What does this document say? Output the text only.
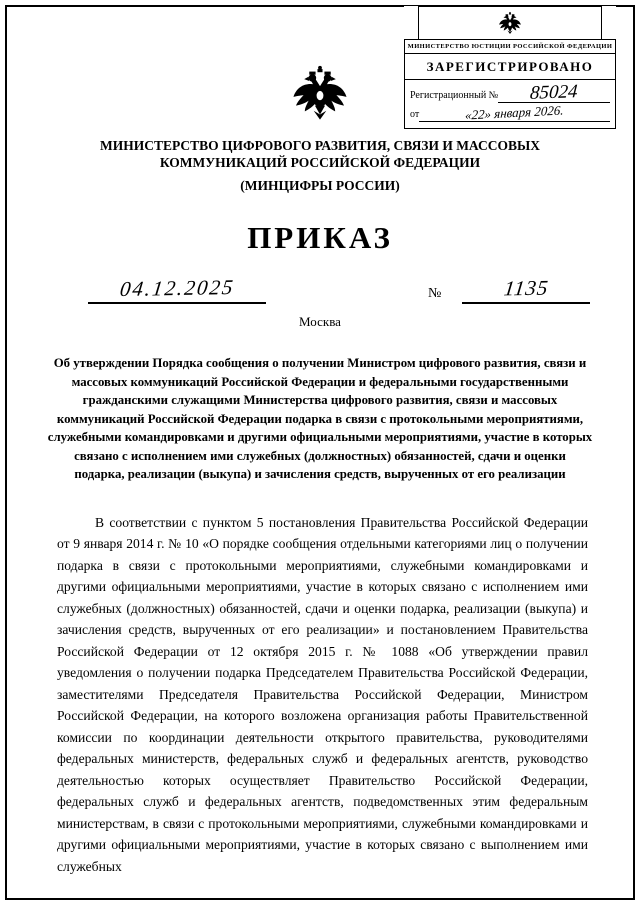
МИНИСТЕРСТВО ЮСТИЦИИ РОССИЙСКОЙ ФЕДЕРАЦИИ
ЗАРЕГИСТРИРОВАНО
Регистрационный №	85024
от	«22» января 2026.
МИНИСТЕРСТВО ЦИФРОВОГО РАЗВИТИЯ, СВЯЗИ И МАССОВЫХ
КОММУНИКАЦИЙ РОССИЙСКОЙ ФЕДЕРАЦИИ
(МИНЦИФРЫ РОССИИ)
ПРИКАЗ
04.12.2025	№	1135
Москва
Об утверждении Порядка сообщения о получении Министром цифрового развития, связи и массовых коммуникаций Российской Федерации и федеральными государственными гражданскими служащими Министерства цифрового развития, связи и массовых коммуникаций Российской Федерации подарка в связи с протокольными мероприятиями, служебными командировками и другими официальными мероприятиями, участие в которых связано с исполнением ими служебных (должностных) обязанностей, сдачи и оценки подарка, реализации (выкупа) и зачисления средств, вырученных от его реализации
В соответствии с пунктом 5 постановления Правительства Российской Федерации от 9 января 2014 г. № 10 «О порядке сообщения отдельными категориями лиц о получении подарка в связи с протокольными мероприятиями, служебными командировками и другими официальными мероприятиями, участие в которых связано с исполнением ими служебных (должностных) обязанностей, сдачи и оценки подарка, реализации (выкупа) и зачисления средств, вырученных от его реализации» и постановлением Правительства Российской Федерации от 12 октября 2015 г. № 1088 «Об утверждении правил уведомления о получении подарка Председателем Правительства Российской Федерации, заместителями Председателя Правительства Российской Федерации, Министром Российской Федерации, на которого возложена организация работы Правительственной комиссии по координации деятельности открытого правительства, руководителями федеральных министерств, федеральных служб и федеральных агентств, руководство деятельностью которых осуществляет Правительство Российской Федерации, федеральных служб и федеральных агентств, подведомственных этим федеральным министерствам, в связи с протокольными мероприятиями, служебными командировками и другими официальными мероприятиями, участие в которых связано с выполнением ими служебных
